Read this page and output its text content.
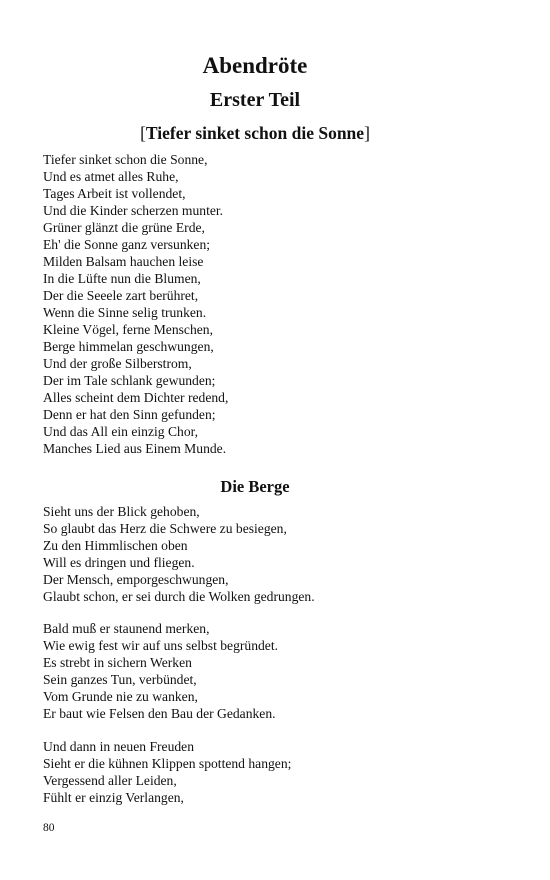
Abendröte
Erster Teil
[Tiefer sinket schon die Sonne]
Tiefer sinket schon die Sonne,
Und es atmet alles Ruhe,
Tages Arbeit ist vollendet,
Und die Kinder scherzen munter.
Grüner glänzt die grüne Erde,
Eh' die Sonne ganz versunken;
Milden Balsam hauchen leise
In die Lüfte nun die Blumen,
Der die Seeele zart berühret,
Wenn die Sinne selig trunken.
Kleine Vögel, ferne Menschen,
Berge himmelan geschwungen,
Und der große Silberstrom,
Der im Tale schlank gewunden;
Alles scheint dem Dichter redend,
Denn er hat den Sinn gefunden;
Und das All ein einzig Chor,
Manches Lied aus Einem Munde.
Die Berge
Sieht uns der Blick gehoben,
So glaubt das Herz die Schwere zu besiegen,
Zu den Himmlischen oben
Will es dringen und fliegen.
Der Mensch, emporgeschwungen,
Glaubt schon, er sei durch die Wolken gedrungen.
Bald muß er staunend merken,
Wie ewig fest wir auf uns selbst begründet.
Es strebt in sichern Werken
Sein ganzes Tun, verbündet,
Vom Grunde nie zu wanken,
Er baut wie Felsen den Bau der Gedanken.
Und dann in neuen Freuden
Sieht er die kühnen Klippen spottend hangen;
Vergessend aller Leiden,
Fühlt er einzig Verlangen,
80
